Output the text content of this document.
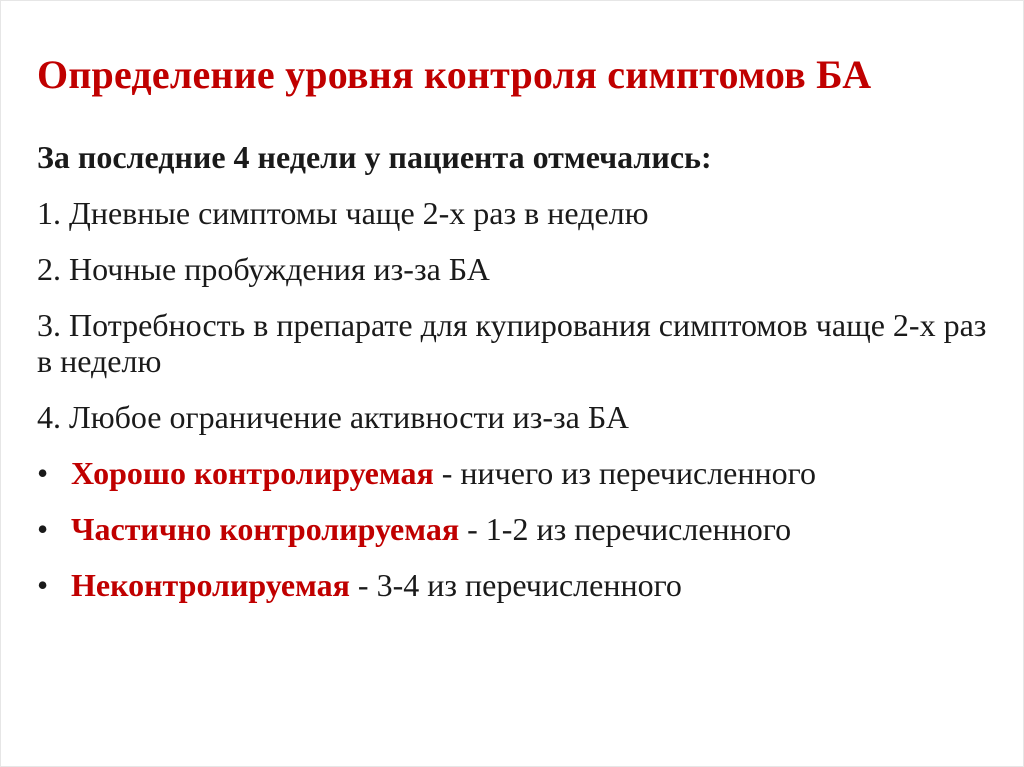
Определение уровня контроля симптомов БА
За последние 4 недели у пациента отмечались:
1. Дневные симптомы чаще 2-х раз в неделю
2. Ночные пробуждения из-за БА
3. Потребность в препарате для купирования симптомов чаще 2-х раз в неделю
4. Любое ограничение активности из-за БА
• Хорошо контролируемая - ничего из перечисленного
• Частично контролируемая - 1-2 из перечисленного
• Неконтролируемая - 3-4 из перечисленного
